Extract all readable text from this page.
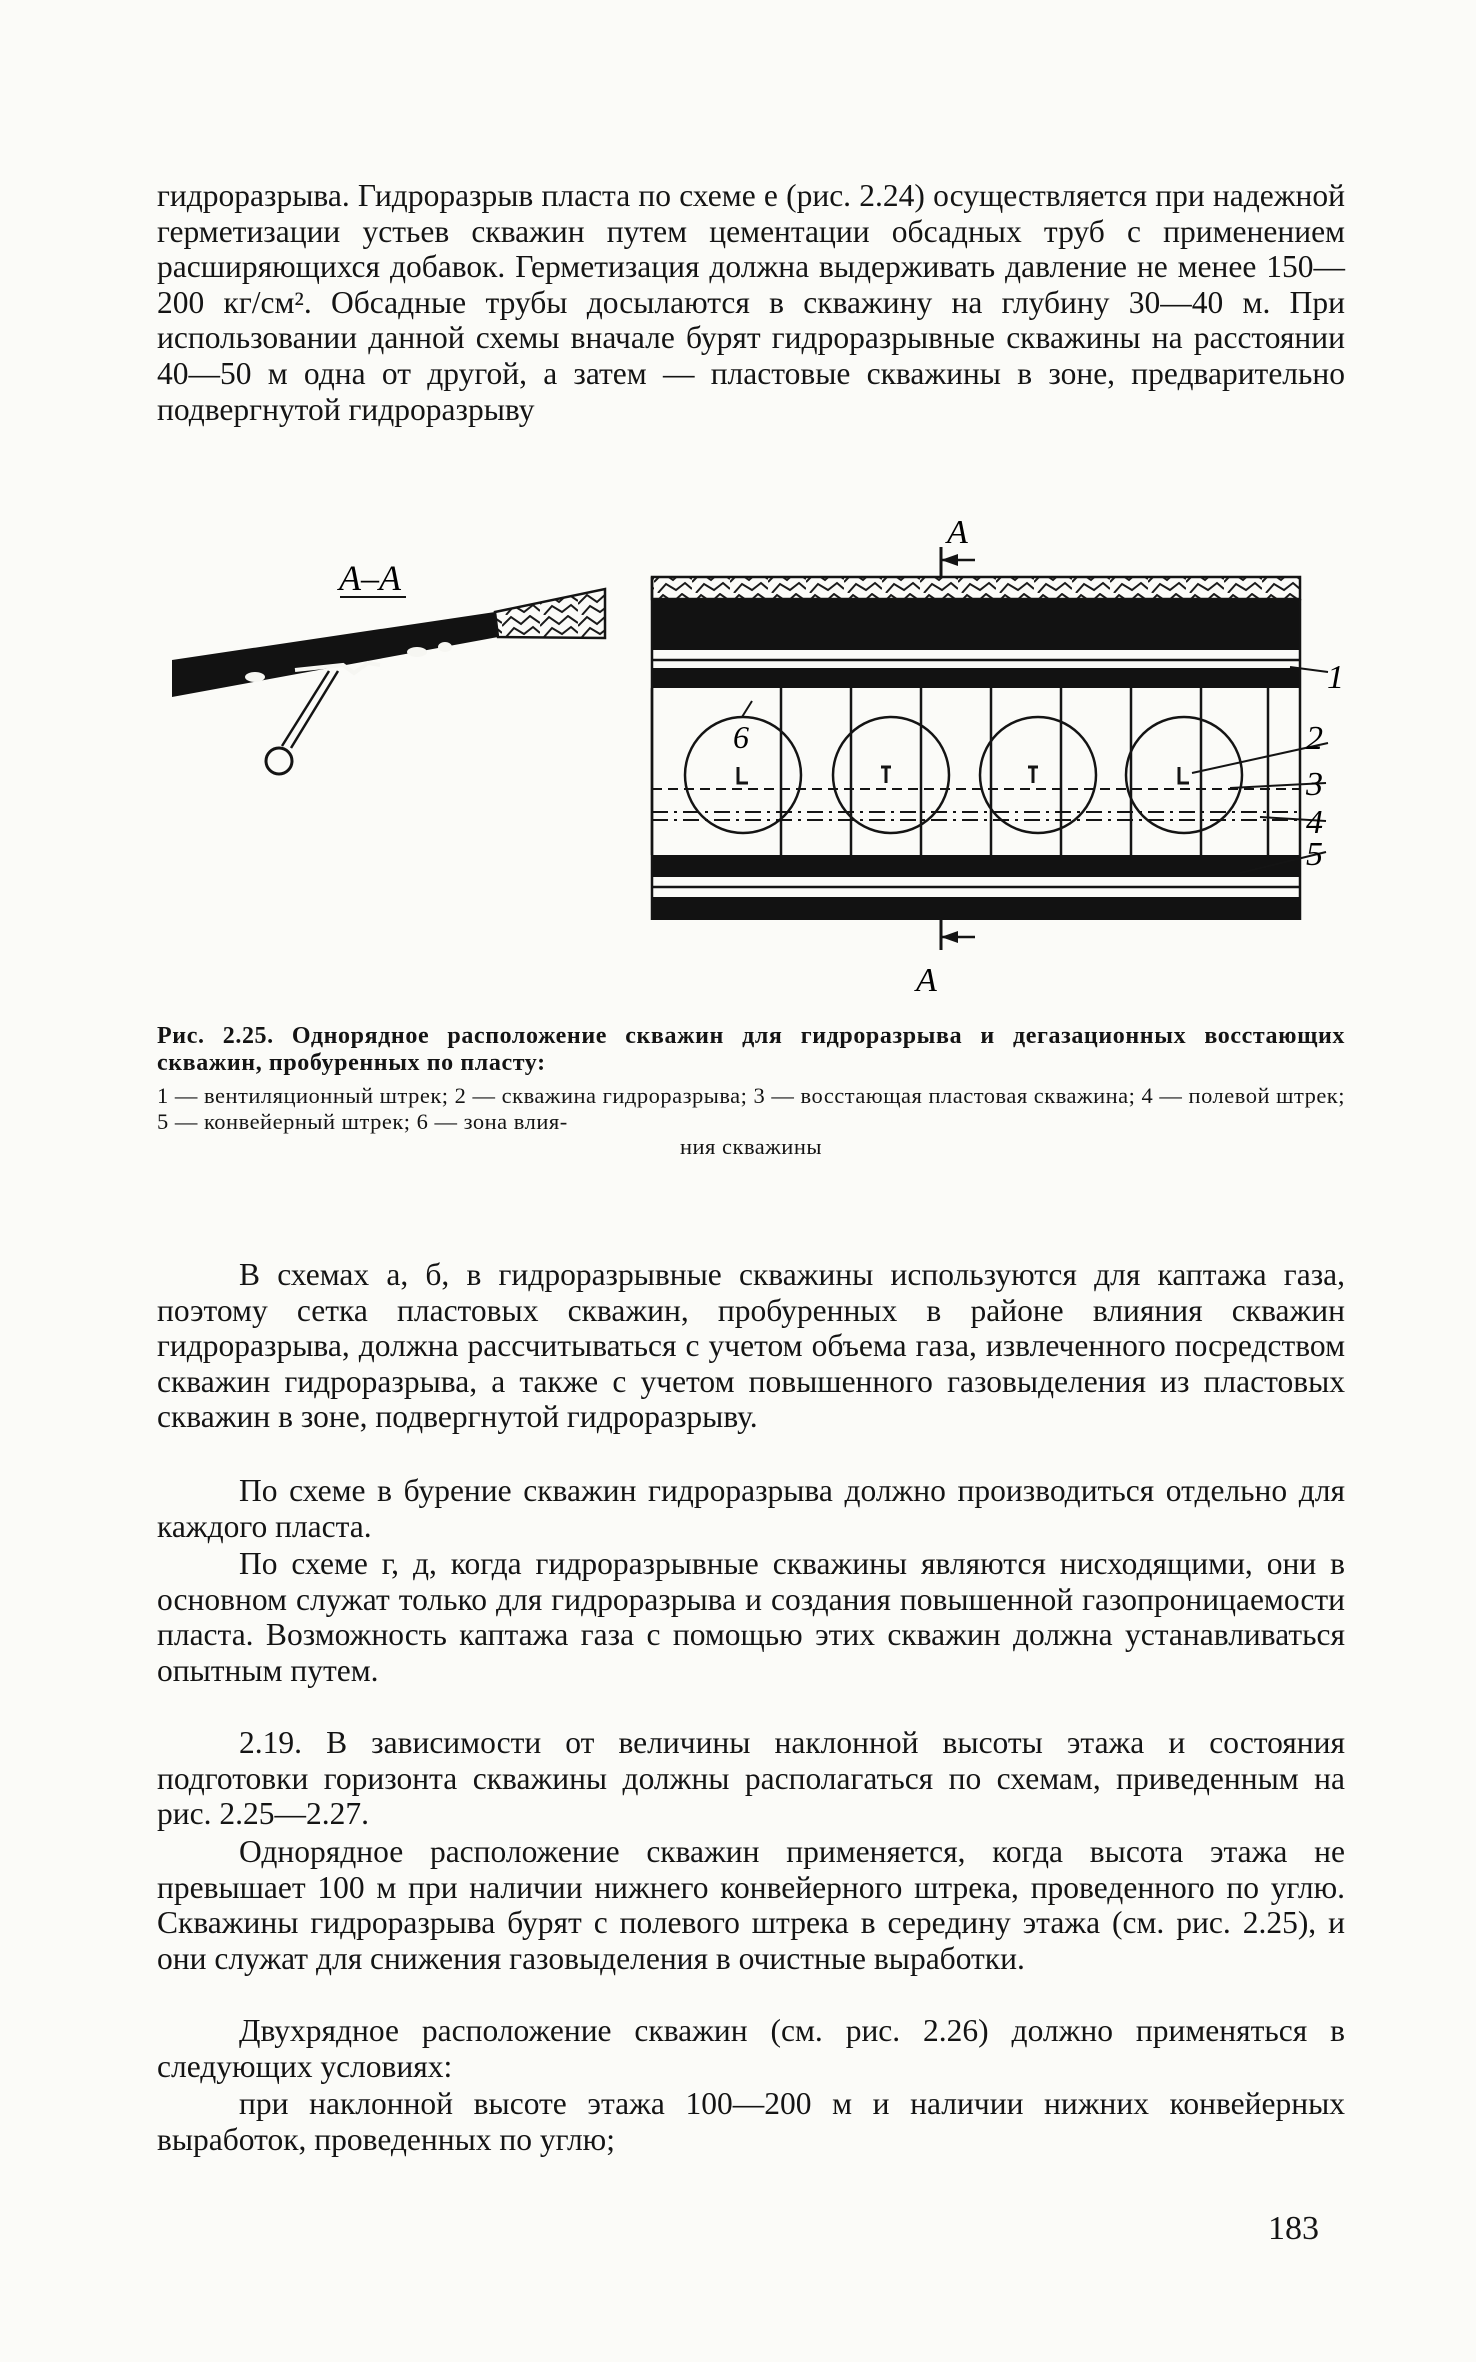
гидроразрыва. Гидроразрыв пласта по схеме е (рис. 2.24) осуществляется при надежной герметизации устьев скважин путем цементации обсадных труб с применением расширяющихся добавок. Герметизация должна выдерживать давление не менее 150—200 кг/см². Обсадные трубы досылаются в скважину на глубину 30—40 м. При использовании данной схемы вначале бурят гидроразрывные скважины на расстоянии 40—50 м одна от другой, а затем — пластовые скважины в зоне, предварительно подвергнутой гидроразрыву

А–А
А
А
6
1
2
3
4
5

Рис. 2.25. Однорядное расположение скважин для гидроразрыва и дегазационных восстающих скважин, пробуренных по пласту:

1 — вентиляционный штрек; 2 — скважина гидроразрыва; 3 — восстающая пластовая скважина; 4 — полевой штрек; 5 — конвейерный штрек; 6 — зона влия-
ния скважины

В схемах а, б, в гидроразрывные скважины используются для каптажа газа, поэтому сетка пластовых скважин, пробуренных в районе влияния скважин гидроразрыва, должна рассчитываться с учетом объема газа, извлеченного посредством скважин гидроразрыва, а также с учетом повышенного газовыделения из пластовых скважин в зоне, подвергнутой гидроразрыву.

По схеме в бурение скважин гидроразрыва должно производиться отдельно для каждого пласта.

По схеме г, д, когда гидроразрывные скважины являются нисходящими, они в основном служат только для гидроразрыва и создания повышенной газопроницаемости пласта. Возможность каптажа газа с помощью этих скважин должна устанавливаться опытным путем.

2.19. В зависимости от величины наклонной высоты этажа и состояния подготовки горизонта скважины должны располагаться по схемам, приведенным на рис. 2.25—2.27.

Однорядное расположение скважин применяется, когда высота этажа не превышает 100 м при наличии нижнего конвейерного штрека, проведенного по углю. Скважины гидроразрыва бурят с полевого штрека в середину этажа (см. рис. 2.25), и они служат для снижения газовыделения в очистные выработки.

Двухрядное расположение скважин (см. рис. 2.26) должно применяться в следующих условиях:

при наклонной высоте этажа 100—200 м и наличии нижних конвейерных выработок, проведенных по углю;

183
